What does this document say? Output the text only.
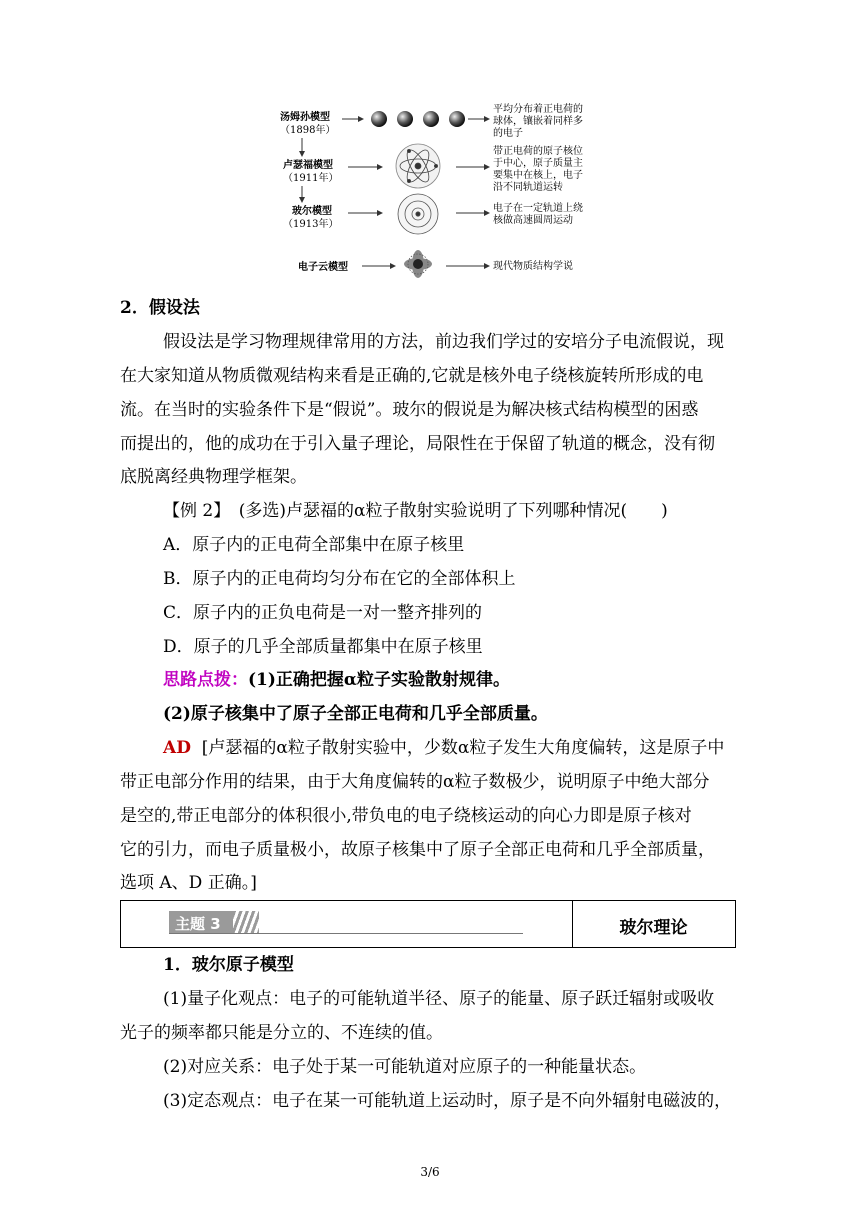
汤姆孙模型
（1898年）
平均分布着正电荷的
球体，镶嵌着同样多
的电子
卢瑟福模型
（1911年）
带正电荷的原子核位
于中心，原子质量主
要集中在核上，电子
沿不同轨道运转
玻尔模型
（1913年）
电子在一定轨道上绕
核做高速圆周运动
电子云模型	现代物质结构学说
2．假设法
假设法是学习物理规律常用的方法，前边我们学过的安培分子电流假说，现
在大家知道从物质微观结构来看是正确的,它就是核外电子绕核旋转所形成的电
流。在当时的实验条件下是“假说”。玻尔的假说是为解决核式结构模型的困惑
而提出的，他的成功在于引入量子理论，局限性在于保留了轨道的概念，没有彻
底脱离经典物理学框架。
【例 2】　(多选)卢瑟福的α粒子散射实验说明了下列哪种情况(　　)
A．原子内的正电荷全部集中在原子核里
B．原子内的正电荷均匀分布在它的全部体积上
C．原子内的正负电荷是一对一整齐排列的
D．原子的几乎全部质量都集中在原子核里
思路点拨：(1)正确把握α粒子实验散射规律。
(2)原子核集中了原子全部正电荷和几乎全部质量。
AD [卢瑟福的α粒子散射实验中，少数α粒子发生大角度偏转，这是原子中
带正电部分作用的结果，由于大角度偏转的α粒子数极少，说明原子中绝大部分
是空的,带正电部分的体积很小,带负电的电子绕核运动的向心力即是原子核对
它的引力，而电子质量极小，故原子核集中了原子全部正电荷和几乎全部质量，
选项 A、D 正确。]
主题 3	玻尔理论
1．玻尔原子模型
(1)量子化观点：电子的可能轨道半径、原子的能量、原子跃迁辐射或吸收
光子的频率都只能是分立的、不连续的值。
(2)对应关系：电子处于某一可能轨道对应原子的一种能量状态。
(3)定态观点：电子在某一可能轨道上运动时，原子是不向外辐射电磁波的，
3/6
